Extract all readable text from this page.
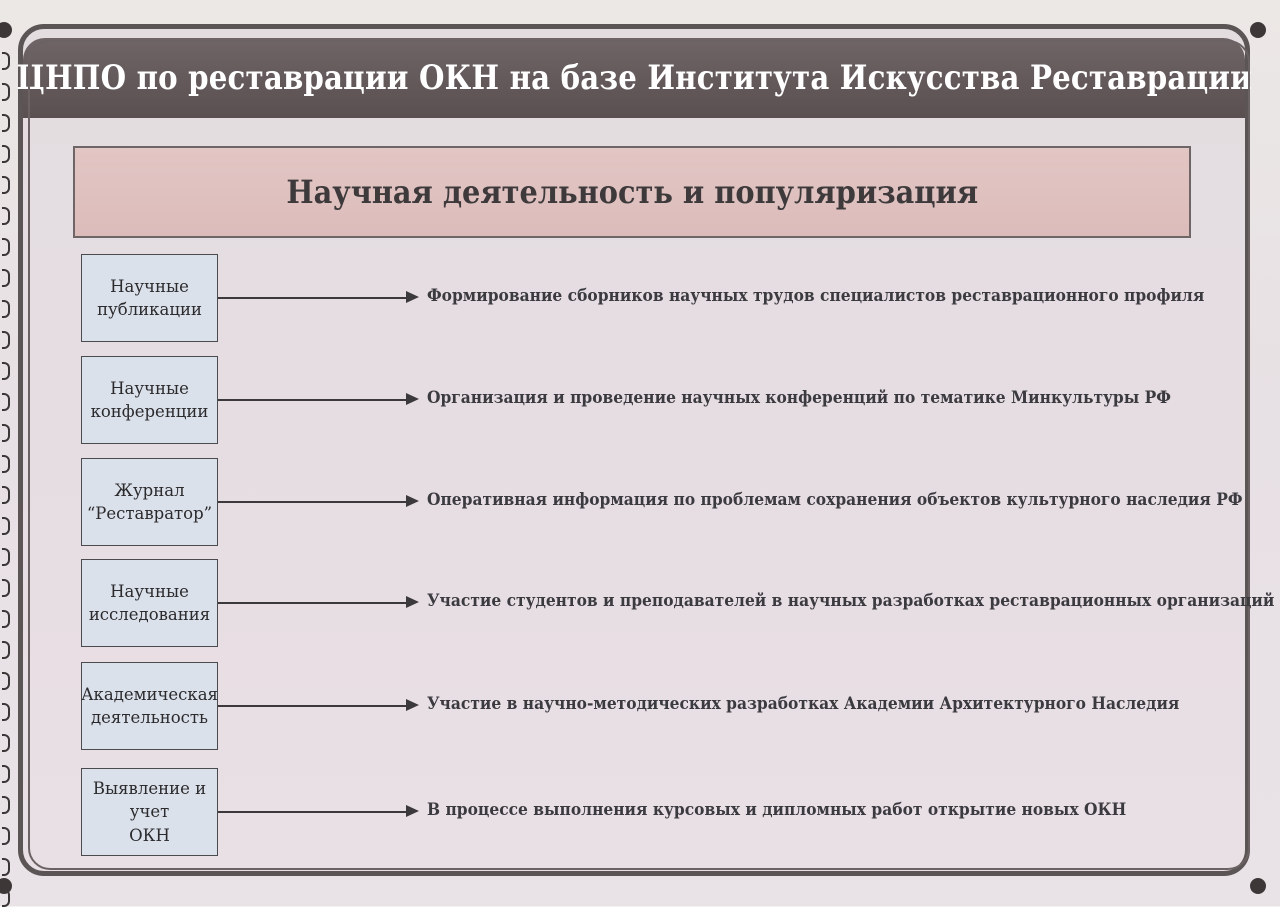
ЦНПО по реставрации ОКН на базе Института Искусства Реставрации
Научная деятельность и популяризация
Научные
публикации
Формирование сборников научных трудов специалистов реставрационного профиля
Научные
конференции
Организация и проведение научных конференций по тематике Минкультуры РФ
Журнал
“Реставратор”
Оперативная информация по проблемам сохранения объектов культурного наследия РФ
Научные
исследования
Участие студентов и преподавателей в научных разработках реставрационных организаций
Академическая
деятельность
Участие в научно-методических разработках Академии Архитектурного Наследия
Выявление и
учет
ОКН
В процессе выполнения курсовых и дипломных работ открытие новых ОКН
